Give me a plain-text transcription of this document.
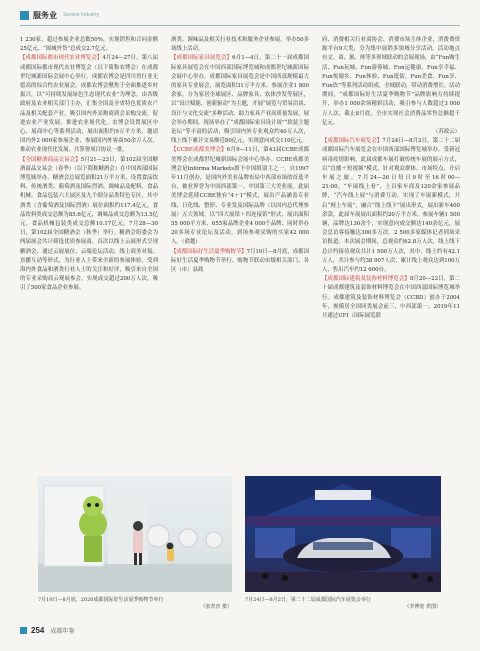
服务业 Service Industry

1 230家，超过参展企业总数50%，实现销售和合同金额25亿元、“闽城外货”总成交2.7亿元。

【成都国际都市现代农业博览会】4月24—27日，第八届成都国际都市现代农业博览会（以下简称农博会）在成都世纪城新国际会展中心举行。成都农博会是四川省行业无偿高的综合性农业展会。成都农博会聚焦于全面推进乡村振兴，以“可持续发展绿色生态现代农业”为理念，由各级政府及农业相关部门主办，汇集全国及全省特色优质农产品及相关配套产业，吸引国内外采购商到会采购交流，促进农业产业发展，推进农业现代化。农博会设置展区中心、展商中心等系列活动，展出面积约9万平方米，邀请国内外2 000家参展企业、参展国内外客商50余万人次，推动农业现代化发展，共签署项目协议一批。

【全国糖酒商品交易会】5月21—23日，第102届全国糖酒商品交易会（春季）（以下简称糖酒会）在中国西部国际博览城举办。糖酒会总展览面积21万平方米，设置食品饮料、传统酒类、葡萄酒及国际烈酒、调味品及配料、食品机械、食品包装六大展区及九个细分品类特色专区，其中酒类（含葡萄酒及国际烈酒）展位面积约117.4亿元，食品饮料类成交总额为85.6亿元，调味品成交总额为13.5亿元，食品机械包装类成交总额10.17亿元。7月28—30日，第102届全国糖酒会（秋季）举行。糖酒会组委会为两届展会共计筛选优质参展商，首次以线上云展形式呈现糖酒会，通过云展展位、云端论坛活动、线上商务对接、直播互动等形式，为行业人士带来全新的参展体验，受到海内外食品和酒类行业人士的关注和好评，吸引来自全国的专业采购商云观展参会，实现成交超过200万人次，吸引了500家食品企业参展。

酒类、调味品及相关行业技术和服务企业参展，举办50多场线上活动。

【成都国际家具展览会】6月1—4日，第二十一届成都国际家具展览会在中国西部国际博览城和成都世纪城新国际会展中心举办。成都国际家具展览会是中国西部规模最大的家具专业展会，展览面积31万平方米，参展企业1 800余家，分为家居全球展区、品牌家具、软体沙发等展区，以“设计赋能、创新驱动”为主题，开展“展览与贸易洽谈、设计与文化交流”多种活动，助力家具产业高质量发展。展会举办期间，现场举办了“成都国际家具设计周”“软装主题论坛”等丰富的活动，吸引国内外专业观众约40万人次，线上线下累计交易额近80亿元，实现意向成交110亿元。

【CCBE成都美博会】6月9—11日，第43届CCBE成都美博会在成都世纪城新国际会展中心举办。CCBE成都美博会是Informa Markets旗下中国组别主之一，自1997年11月创办，是国内外美业品牌布局中西部市场的首选平台，被业界誉为中国西部第一、中国第三大美业展。此届美博会延续CCBE独有“4＋1”模式，展出产品涵盖专业线、日化线、整形、专业发及国际品牌（以国内总代理参展）五大领域。以“四大展馆＋四连接馆”形式，展出面积55 000平方米，655家品牌企业4 000个品牌、同时举办20多场专业论坛及活动，到场参观采购的买家42 000人。（俞越）

【成都国际好生活夏季购物节】7月10日—8月底，成都国际好生活夏季购物节举行。购物节联动市级相关部门、各区（市）县政

府、消费相关行业商协会、消费市场主体企业，消费费资源平台9大类，分为集中展销多领域分享活动，活动地点有文、商、旅、体等多领域联动的会展现场，由“Fun购生活、Fun玩城、Fun游蓉城、Fun运健康、Fun享幸福、Fun悦蜀乡、Fun体验、Fun逛街、Fun美食、Fun享、Fun饮”等系列活动组成，全域联动，带动消费增长。活动期间，“成都国际好生活夏季购物节”品牌影响力持续提升，举办1 000余场精彩活动，吸引参与人数超过3 000万人次。截止8月底，全市实现社会消费品零售总额超千亿元。

（苏政云）

【成都国际汽车展览会】7月24日—8月2日，第二十二届成都国际汽车展览会在中国西部国际博览城举办。受新冠病毒疫情影响，此届成都车展打破传统车展的展示方式，以“直播＋短视频”模式，针对观众群体、市场特点，开启车展之旅。7月24—26日每日9时至16时00—21:00，“车展线上看”，上百家车商及120余家参展品牌，“汽车线上展”与消费互动，实现了车展新模式，开启“网上车展”，融合“线上线下”展出形式，展出新车400余款。此届车展展出面积约20万平方米，参展车辆1 500辆，品牌达130余个，实现意向成交额达140余亿元，展会总访客接触达300多万次。2 500多家媒体记者到场采访报道。本次展会期间，总观众约62.8万人次，线上线下总计约接待观众共计1 500万人次，其中，线上约有42.1万人，共计参与约38 907人次，累计线上观众达到100万人，售出汽车约12 600台。

【成都国际建筑及装饰材料博览会】8月20—22日，第二十届成都建筑及装饰材料博览会在中国西部国际博览城举行。成都建筑及装饰材料博览会（CCBD）创办于2004年，规模居全国同类展会前三，中西部第一。2019年11月通过UFI（国际展览联

7月10日—8月底，2020成都国际好生活夏季购物节举行
（张青青 摄）
7月24日—8月2日，第二十二届成都国际汽车展览会举行
（李博宽 供图）
254 成都年鉴
